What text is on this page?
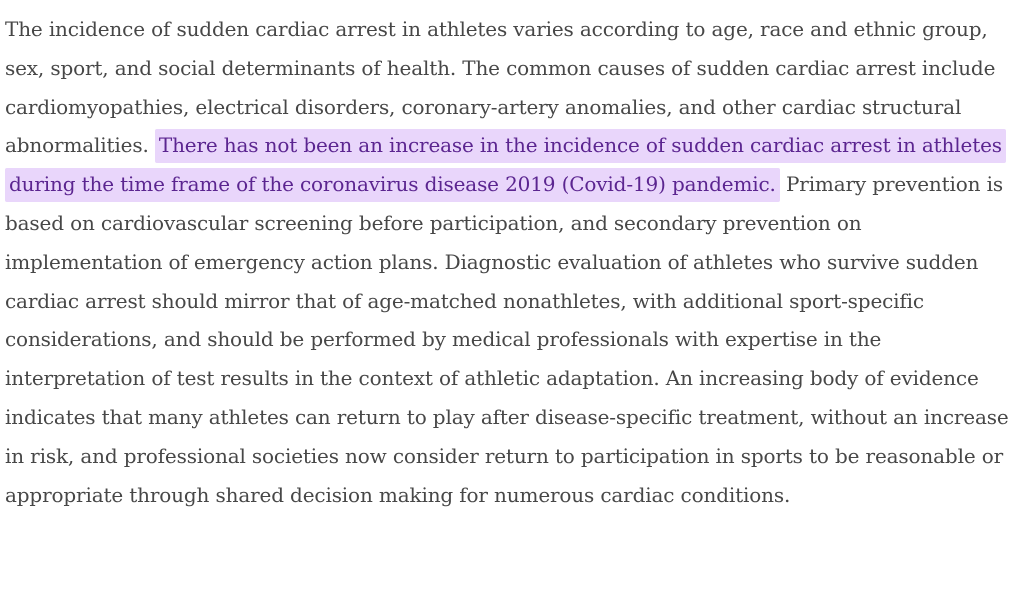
The incidence of sudden cardiac arrest in athletes varies according to age, race and ethnic group, sex, sport, and social determinants of health. The common causes of sudden cardiac arrest include cardiomyopathies, electrical disorders, coronary-artery anomalies, and other cardiac structural abnormalities. There has not been an increase in the incidence of sudden cardiac arrest in athletes during the time frame of the coronavirus disease 2019 (Covid-19) pandemic. Primary prevention is based on cardiovascular screening before participation, and secondary prevention on implementation of emergency action plans. Diagnostic evaluation of athletes who survive sudden cardiac arrest should mirror that of age-matched nonathletes, with additional sport-specific considerations, and should be performed by medical professionals with expertise in the interpretation of test results in the context of athletic adaptation. An increasing body of evidence indicates that many athletes can return to play after disease-specific treatment, without an increase in risk, and professional societies now consider return to participation in sports to be reasonable or appropriate through shared decision making for numerous cardiac conditions.
